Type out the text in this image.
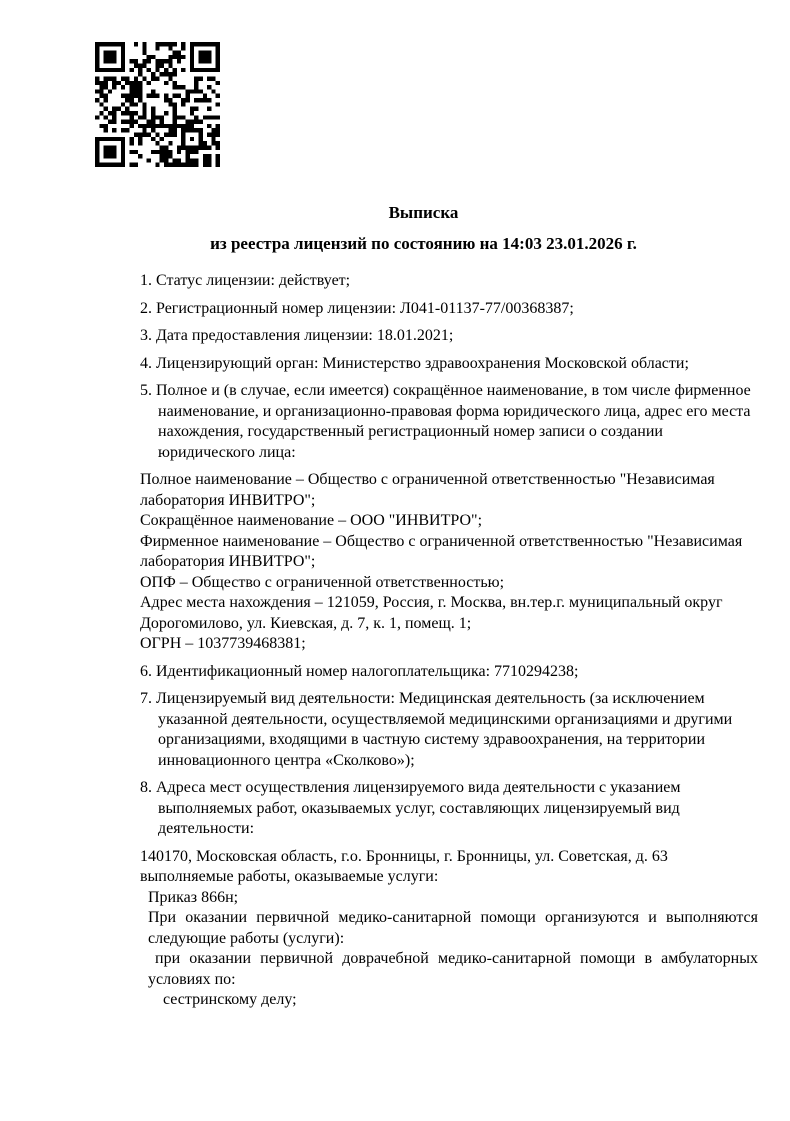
Выписка
из реестра лицензий по состоянию на 14:03 23.01.2026 г.

1. Статус лицензии: действует;

2. Регистрационный номер лицензии: Л041-01137-77/00368387;

3. Дата предоставления лицензии: 18.01.2021;

4. Лицензирующий орган: Министерство здравоохранения Московской области;

5. Полное и (в случае, если имеется) сокращённое наименование, в том числе фирменное наименование, и организационно-правовая форма юридического лица, адрес его места нахождения, государственный регистрационный номер записи о создании юридического лица:

Полное наименование – Общество с ограниченной ответственностью "Независимая лаборатория ИНВИТРО";

Сокращённое наименование – ООО "ИНВИТРО";

Фирменное наименование – Общество с ограниченной ответственностью "Независимая лаборатория ИНВИТРО";

ОПФ – Общество с ограниченной ответственностью;

Адрес места нахождения – 121059, Россия, г. Москва, вн.тер.г. муниципальный округ Дорогомилово, ул. Киевская, д. 7, к. 1, помещ. 1;

ОГРН – 1037739468381;

6. Идентификационный номер налогоплательщика: 7710294238;

7. Лицензируемый вид деятельности: Медицинская деятельность (за исключением указанной деятельности, осуществляемой медицинскими организациями и другими организациями, входящими в частную систему здравоохранения, на территории инновационного центра «Сколково»);

8. Адреса мест осуществления лицензируемого вида деятельности с указанием выполняемых работ, оказываемых услуг, составляющих лицензируемый вид деятельности:

140170, Московская область, г.о. Бронницы, г. Бронницы, ул. Советская, д. 63

выполняемые работы, оказываемые услуги:

Приказ 866н;

При оказании первичной медико-санитарной помощи организуются и выполняются следующие работы (услуги):

при оказании первичной доврачебной медико-санитарной помощи в амбулаторных условиях по:

сестринскому делу;
